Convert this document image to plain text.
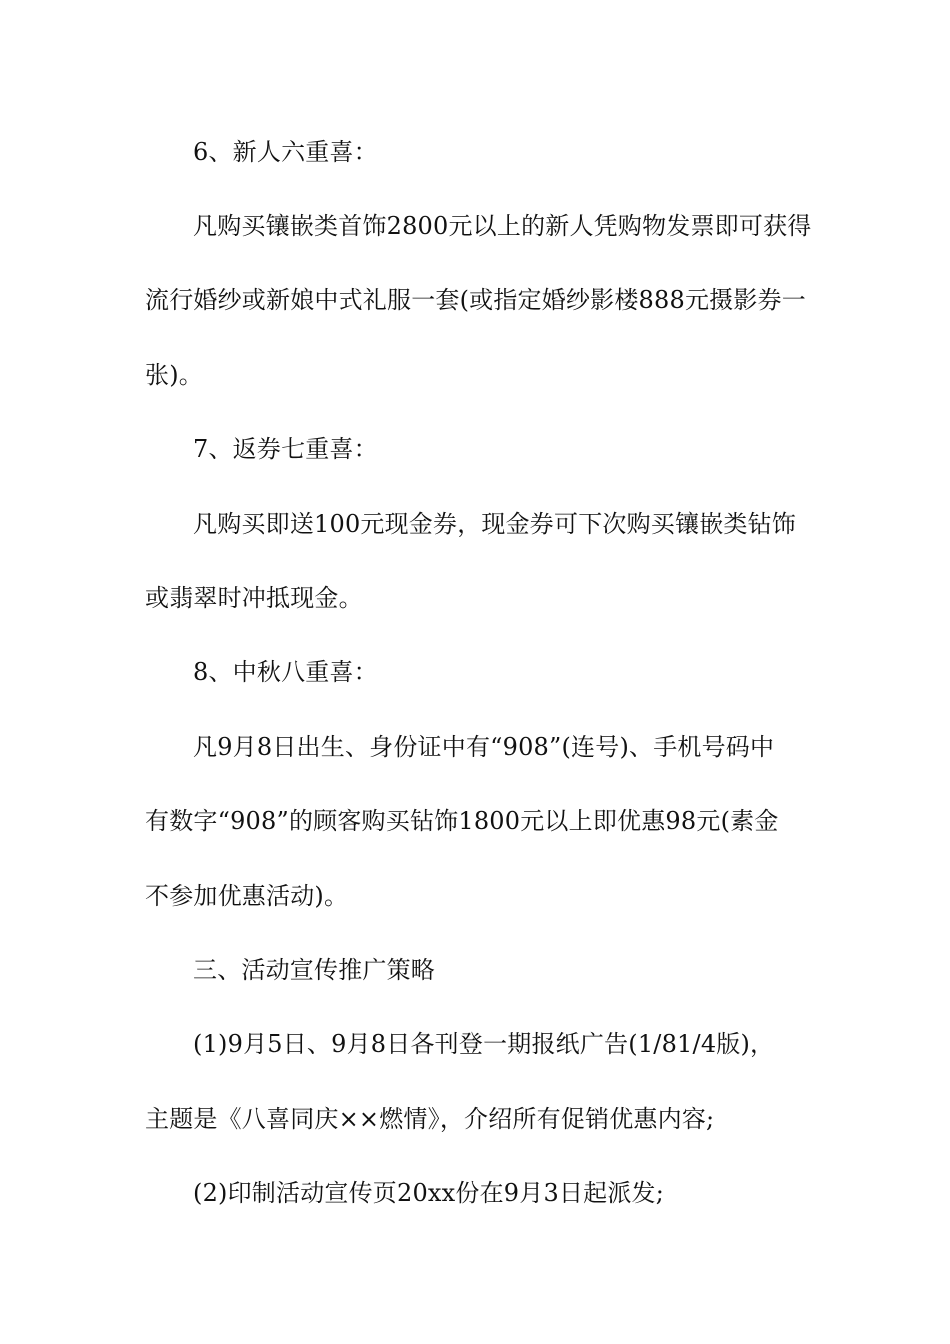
6、新人六重喜：
凡购买镶嵌类首饰2800元以上的新人凭购物发票即可获得
流行婚纱或新娘中式礼服一套(或指定婚纱影楼888元摄影券一
张)。
7、返券七重喜：
凡购买即送100元现金券，现金券可下次购买镶嵌类钻饰
或翡翠时冲抵现金。
8、中秋八重喜：
凡9月8日出生、身份证中有“908”(连号)、手机号码中
有数字“908”的顾客购买钻饰1800元以上即优惠98元(素金
不参加优惠活动)。
三、活动宣传推广策略
(1)9月5日、9月8日各刊登一期报纸广告(1/81/4版)，
主题是《八喜同庆××燃情》，介绍所有促销优惠内容;
(2)印制活动宣传页20xx份在9月3日起派发;
